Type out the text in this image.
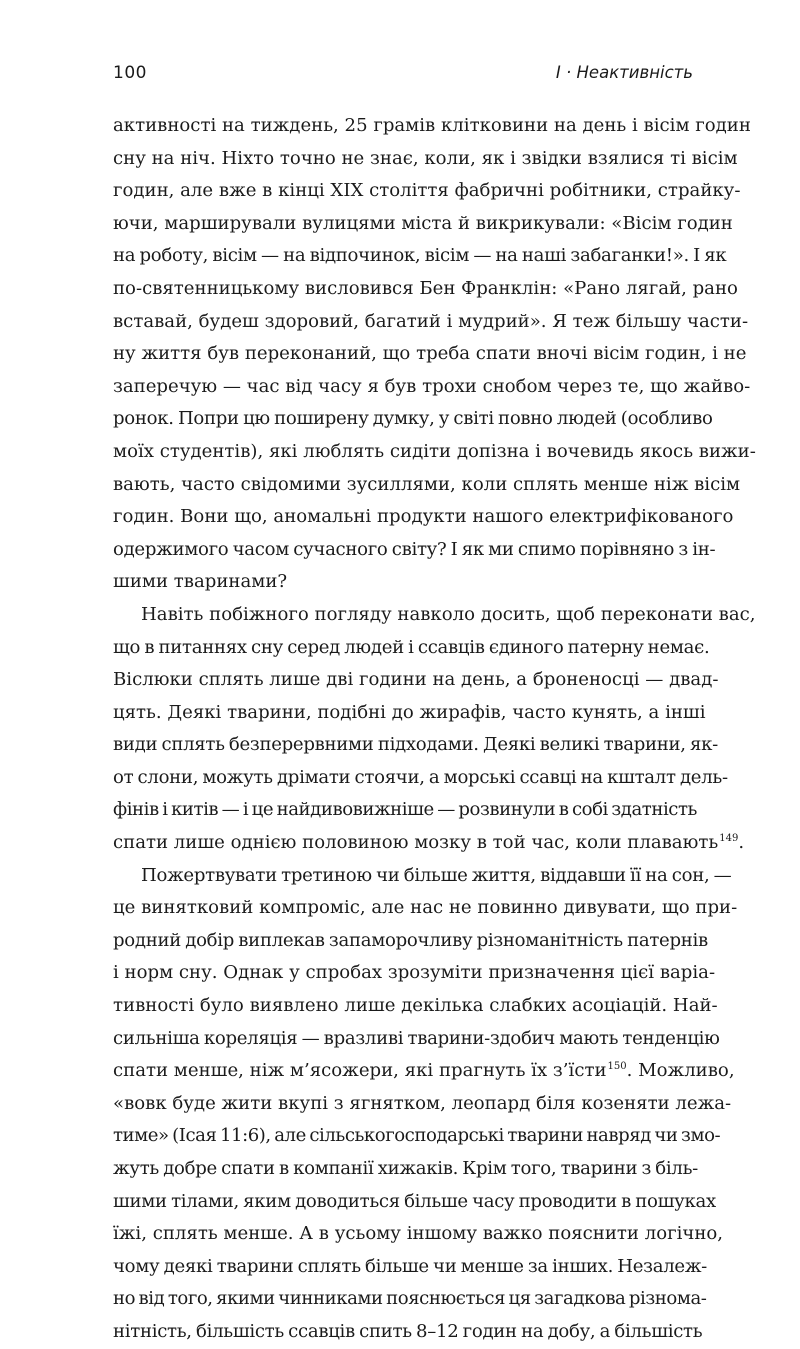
100	I · Неактивність
активності на тиждень, 25 грамів клітковини на день і вісім годин
сну на ніч. Ніхто точно не знає, коли, як і звідки взялися ті вісім
годин, але вже в кінці XIX століття фабричні робітники, страйку-
ючи, марширували вулицями міста й викрикували: «Вісім годин
на роботу, вісім — на відпочинок, вісім — на наші забаганки!». І як
по-святенницькому висловився Бен Франклін: «Рано лягай, рано
вставай, будеш здоровий, багатий і мудрий». Я теж більшу части-
ну життя був переконаний, що треба спати вночі вісім годин, і не
заперечую — час від часу я був трохи снобом через те, що жайво-
ронок. Попри цю поширену думку, у світі повно людей (особливо
моїх студентів), які люблять сидіти допізна і вочевидь якось вижи-
вають, часто свідомими зусиллями, коли сплять менше ніж вісім
годин. Вони що, аномальні продукти нашого електрифікованого
одержимого часом сучасного світу? І як ми спимо порівняно з ін-
шими тваринами?
Навіть побіжного погляду навколо досить, щоб переконати вас,
що в питаннях сну серед людей і ссавців єдиного патерну немає.
Віслюки сплять лише дві години на день, а броненосці — двад-
цять. Деякі тварини, подібні до жирафів, часто кунять, а інші
види сплять безперервними підходами. Деякі великі тварини, як-
от слони, можуть дрімати стоячи, а морські ссавці на кшталт дель-
фінів і китів — і це найдивовижніше — розвинули в собі здатність
спати лише однією половиною мозку в той час, коли плавають$^{149}$.
Пожертвувати третиною чи більше життя, віддавши її на сон, —
це винятковий компроміс, але нас не повинно дивувати, що при-
родний добір виплекав запаморочливу різноманітність патернів
і норм сну. Однак у спробах зрозуміти призначення цієї варіа-
тивності було виявлено лише декілька слабких асоціацій. Най-
сильніша кореляція — вразливі тварини-здобич мають тенденцію
спати менше, ніж м’ясожери, які прагнуть їх з’їсти$^{150}$. Можливо,
«вовк буде жити вкупі з ягнятком, леопард біля козеняти лежа-
тиме» (Ісая 11:6), але сільськогосподарські тварини навряд чи змо-
жуть добре спати в компанії хижаків. Крім того, тварини з біль-
шими тілами, яким доводиться більше часу проводити в пошуках
їжі, сплять менше. А в усьому іншому важко пояснити логічно,
чому деякі тварини сплять більше чи менше за інших. Незалеж-
но від того, якими чинниками пояснюється ця загадкова різнома-
нітність, більшість ссавців спить 8–12 годин на добу, а більшість
